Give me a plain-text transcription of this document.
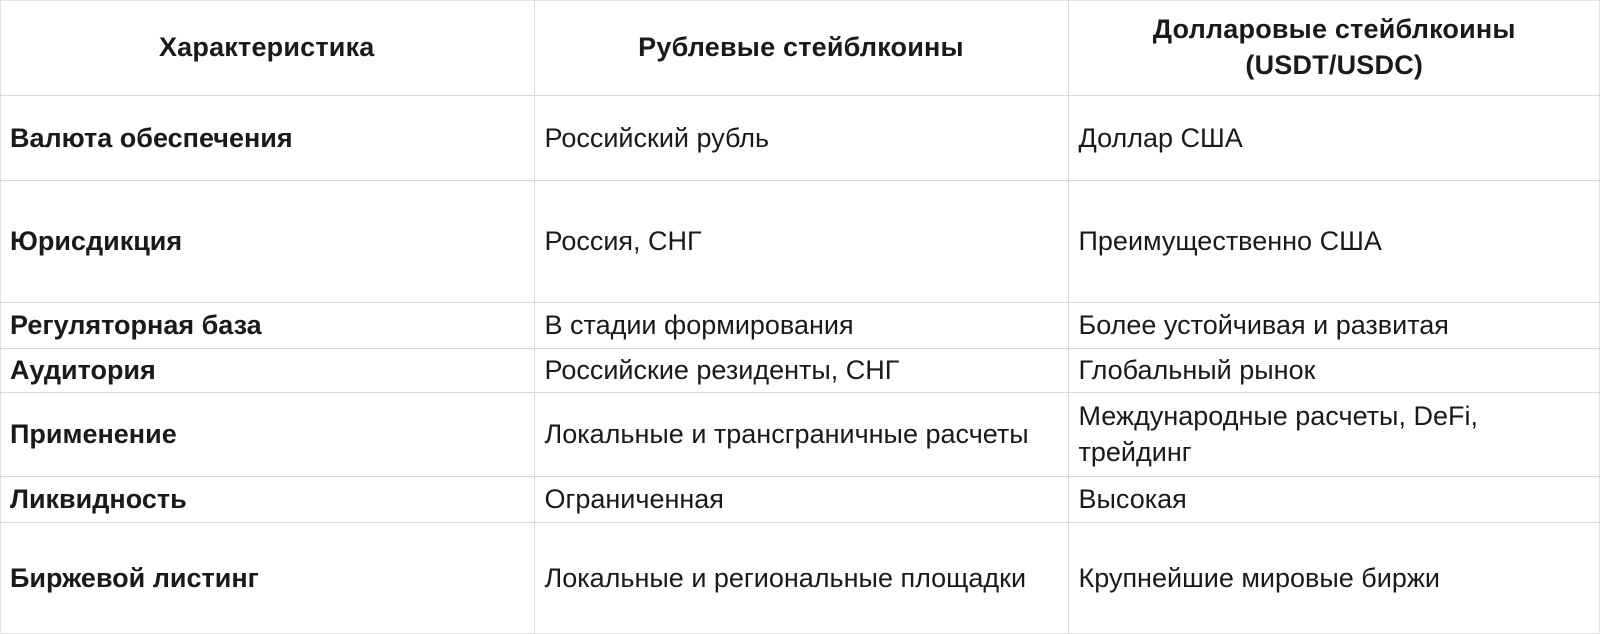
Характеристика	Рублевые стейблкоины	Долларовые стейблкоины (USDT/USDC)
Валюта обеспечения	Российский рубль	Доллар США
Юрисдикция	Россия, СНГ	Преимущественно США
Регуляторная база	В стадии формирования	Более устойчивая и развитая
Аудитория	Российские резиденты, СНГ	Глобальный рынок
Применение	Локальные и трансграничные расчеты	Международные расчеты, DeFi, трейдинг
Ликвидность	Ограниченная	Высокая
Биржевой листинг	Локальные и региональные площадки	Крупнейшие мировые биржи
